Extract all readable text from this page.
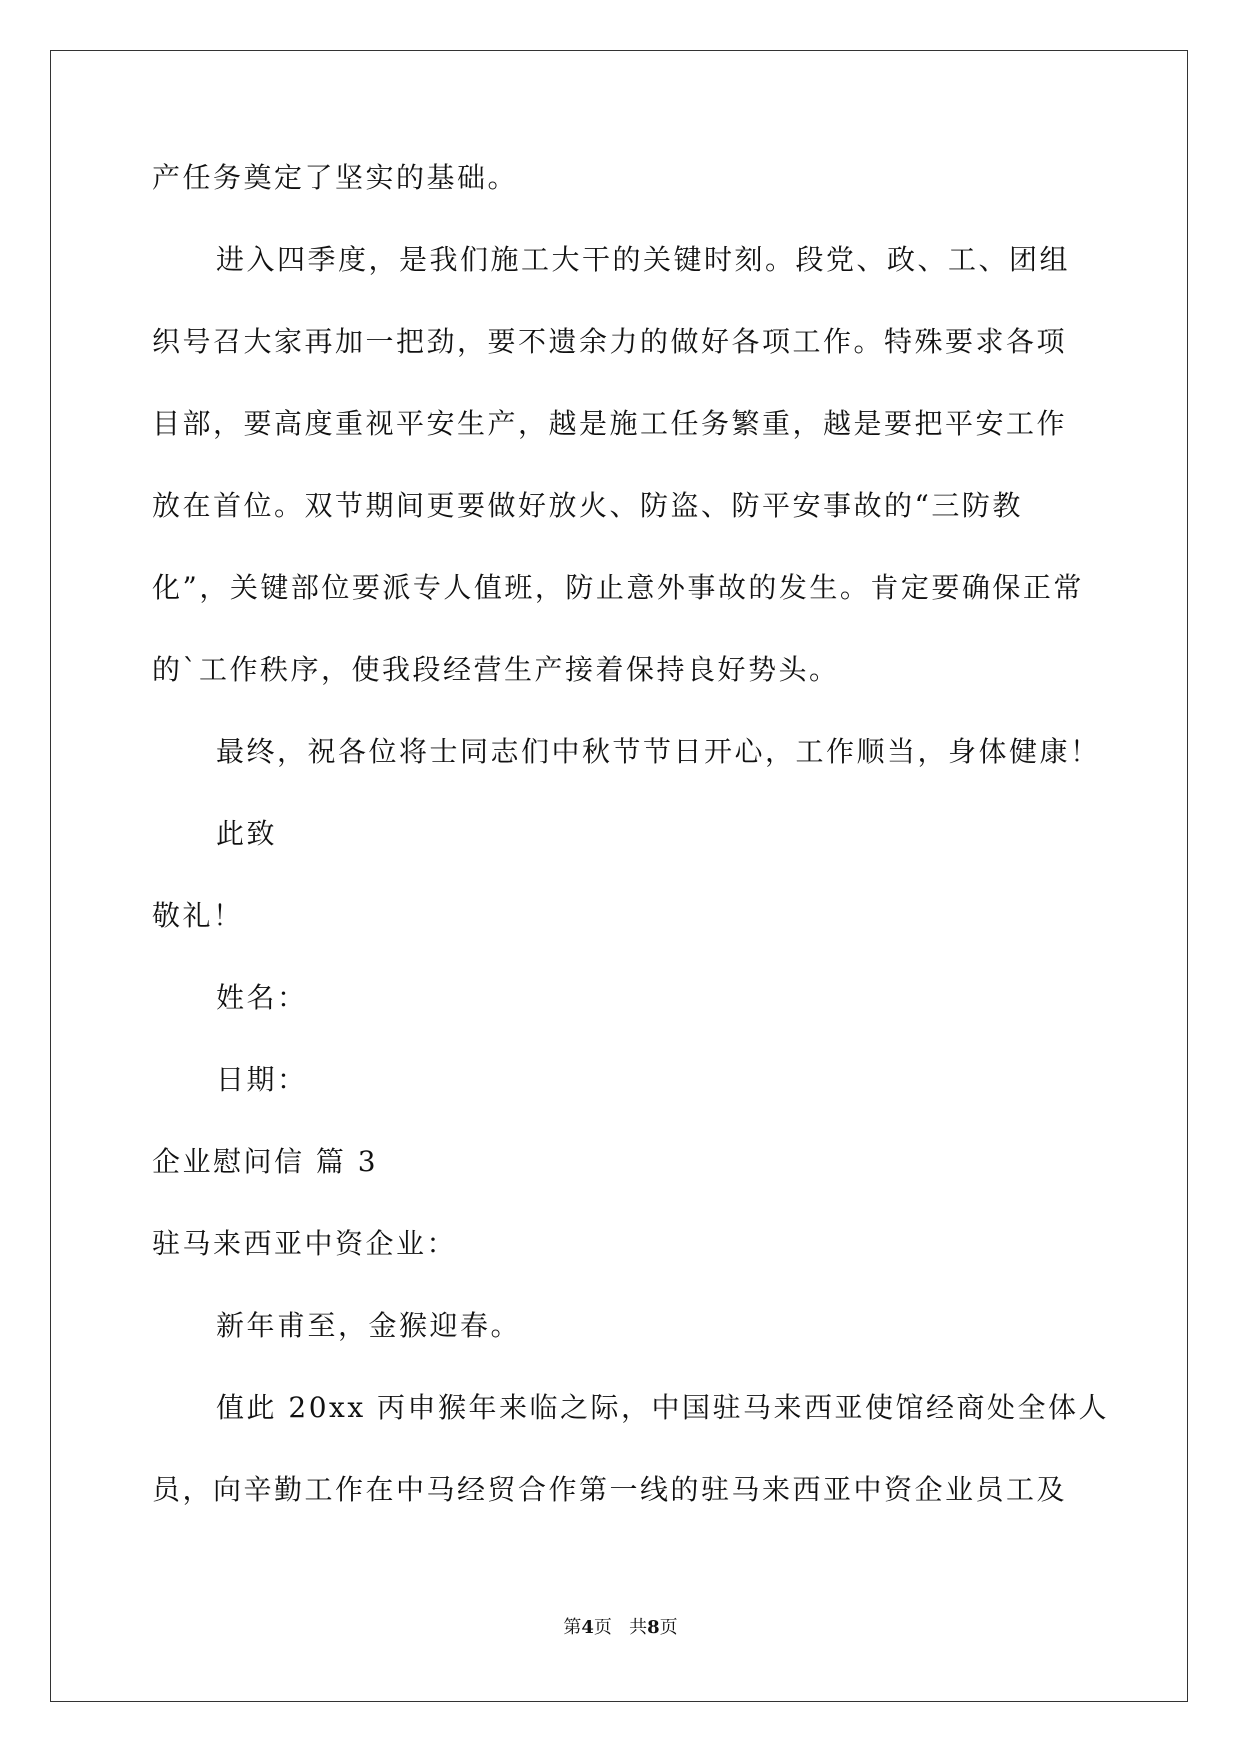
产任务奠定了坚实的基础。

进入四季度，是我们施工大干的关键时刻。段党、政、工、团组

织号召大家再加一把劲，要不遗余力的做好各项工作。特殊要求各项

目部，要高度重视平安生产，越是施工任务繁重，越是要把平安工作

放在首位。双节期间更要做好放火、防盗、防平安事故的“三防教

化”，关键部位要派专人值班，防止意外事故的发生。肯定要确保正常

的`工作秩序，使我段经营生产接着保持良好势头。

最终，祝各位将士同志们中秋节节日开心，工作顺当，身体健康！

此致

敬礼！

姓名：

日期：

企业慰问信 篇 3

驻马来西亚中资企业：

新年甫至，金猴迎春。

值此 20xx 丙申猴年来临之际，中国驻马来西亚使馆经商处全体人

员，向辛勤工作在中马经贸合作第一线的驻马来西亚中资企业员工及

第4页   共8页
